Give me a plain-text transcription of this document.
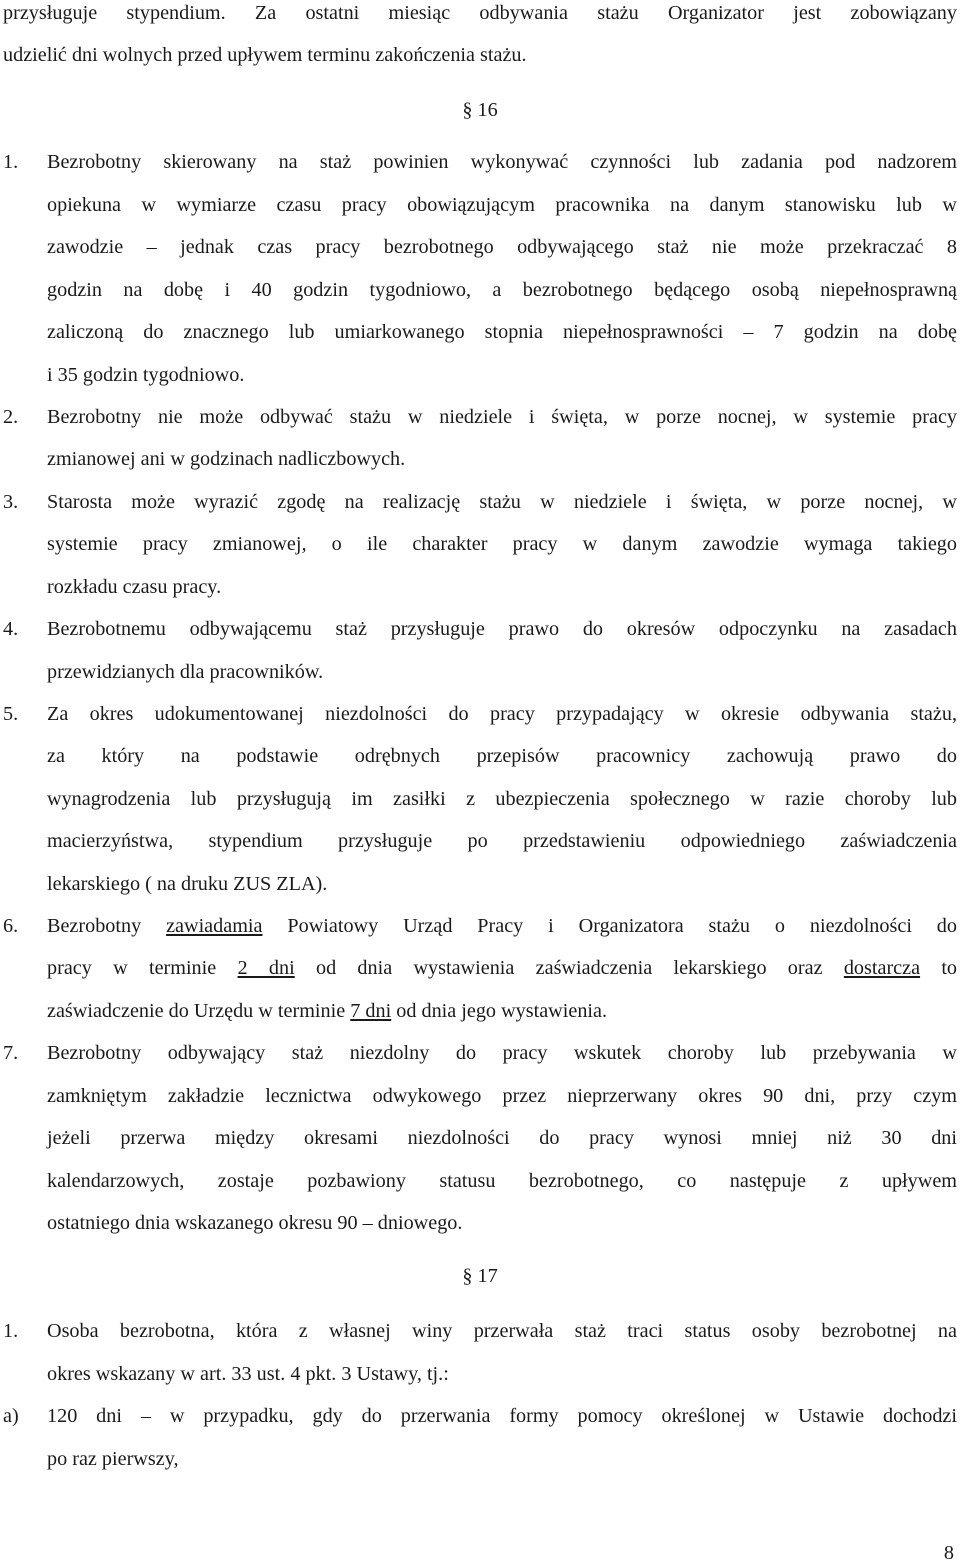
przysługuje stypendium. Za ostatni miesiąc odbywania stażu Organizator jest zobowiązany
udzielić dni wolnych przed upływem terminu zakończenia stażu.
§ 16
1. Bezrobotny skierowany na staż powinien wykonywać czynności lub zadania pod nadzorem
opiekuna w wymiarze czasu pracy obowiązującym pracownika na danym stanowisku lub w
zawodzie – jednak czas pracy bezrobotnego odbywającego staż nie może przekraczać 8
godzin na dobę i 40 godzin tygodniowo, a bezrobotnego będącego osobą niepełnosprawną
zaliczoną do znacznego lub umiarkowanego stopnia niepełnosprawności – 7 godzin na dobę
i 35 godzin tygodniowo.
2. Bezrobotny nie może odbywać stażu w niedziele i święta, w porze nocnej, w systemie pracy
zmianowej ani w godzinach nadliczbowych.
3. Starosta może wyrazić zgodę na realizację stażu w niedziele i święta, w porze nocnej, w
systemie pracy zmianowej, o ile charakter pracy w danym zawodzie wymaga takiego
rozkładu czasu pracy.
4. Bezrobotnemu odbywającemu staż przysługuje prawo do okresów odpoczynku na zasadach
przewidzianych dla pracowników.
5. Za okres udokumentowanej niezdolności do pracy przypadający w okresie odbywania stażu,
za który na podstawie odrębnych przepisów pracownicy zachowują prawo do
wynagrodzenia lub przysługują im zasiłki z ubezpieczenia społecznego w razie choroby lub
macierzyństwa, stypendium przysługuje po przedstawieniu odpowiedniego zaświadczenia
lekarskiego ( na druku ZUS ZLA).
6. Bezrobotny zawiadamia Powiatowy Urząd Pracy i Organizatora stażu o niezdolności do
pracy w terminie 2 dni od dnia wystawienia zaświadczenia lekarskiego oraz dostarcza to
zaświadczenie do Urzędu w terminie 7 dni od dnia jego wystawienia.
7. Bezrobotny odbywający staż niezdolny do pracy wskutek choroby lub przebywania w
zamkniętym zakładzie lecznictwa odwykowego przez nieprzerwany okres 90 dni, przy czym
jeżeli przerwa między okresami niezdolności do pracy wynosi mniej niż 30 dni
kalendarzowych, zostaje pozbawiony statusu bezrobotnego, co następuje z upływem
ostatniego dnia wskazanego okresu 90 – dniowego.
§ 17
1. Osoba bezrobotna, która z własnej winy przerwała staż traci status osoby bezrobotnej na
okres wskazany w art. 33 ust. 4 pkt. 3 Ustawy, tj.:
a) 120 dni – w przypadku, gdy do przerwania formy pomocy określonej w Ustawie dochodzi
po raz pierwszy,
8
